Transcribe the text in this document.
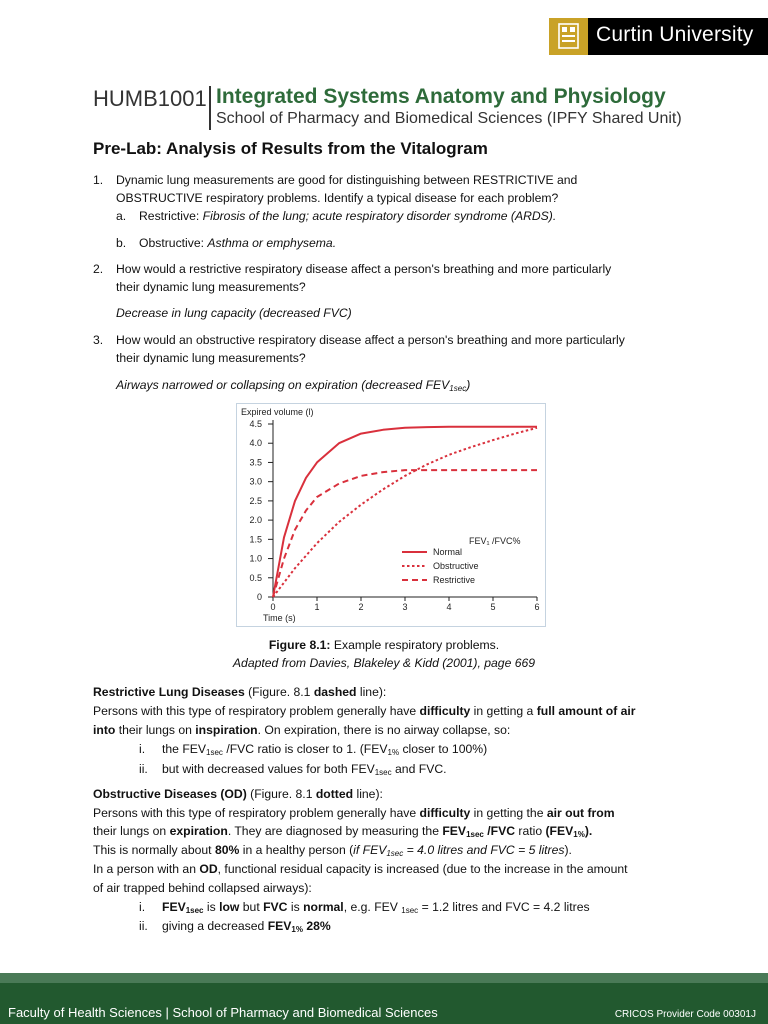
Curtin University
HUMB1001 Integrated Systems Anatomy and Physiology
School of Pharmacy and Biomedical Sciences (IPFY Shared Unit)
Pre-Lab: Analysis of Results from the Vitalogram
1. Dynamic lung measurements are good for distinguishing between RESTRICTIVE and
OBSTRUCTIVE respiratory problems. Identify a typical disease for each problem?
a. Restrictive: Fibrosis of the lung; acute respiratory disorder syndrome (ARDS).
b. Obstructive: Asthma or emphysema.
2. How would a restrictive respiratory disease affect a person's breathing and more particularly
their dynamic lung measurements?
Decrease in lung capacity (decreased FVC)
3. How would an obstructive respiratory disease affect a person's breathing and more particularly
their dynamic lung measurements?
Airways narrowed or collapsing on expiration (decreased $FEV_{1sec}$)
0
0.5
1.0
1.5
2.0
2.5
3.0
3.5
4.0
4.5
0	1	2	3	4	5	6
Expired volume (l)
Time (s)
FEV₁ /FVC%
Normal
Obstructive
Restrictive
Figure 8.1: Example respiratory problems.
Adapted from Davies, Blakeley & Kidd (2001), page 669
Restrictive Lung Diseases (Figure. 8.1 dashed line):
Persons with this type of respiratory problem generally have difficulty in getting a full amount of air
into their lungs on inspiration. On expiration, there is no airway collapse, so:
i. the $FEV_{1sec}$ /FVC ratio is closer to 1. ($FEV_{1\%}$ closer to 100%)
ii. but with decreased values for both $FEV_{1sec}$ and FVC.
Obstructive Diseases (OD) (Figure. 8.1 dotted line):
Persons with this type of respiratory problem generally have difficulty in getting the air out from
their lungs on expiration. They are diagnosed by measuring the $FEV_{1sec}$ /FVC ratio $(FEV_{1\%})$.
This is normally about 80% in a healthy person (if $FEV_{1sec} = 4.0$ litres and FVC = 5 litres).
In a person with an OD, functional residual capacity is increased (due to the increase in the amount
of air trapped behind collapsed airways):
i. $FEV_{1sec}$ is low but FVC is normal, e.g. FEV $_{1sec}$ = 1.2 litres and FVC = 4.2 litres
ii. giving a decreased $FEV_{1\%}$ 28%
Faculty of Health Sciences | School of Pharmacy and Biomedical Sciences	CRICOS Provider Code 00301J
